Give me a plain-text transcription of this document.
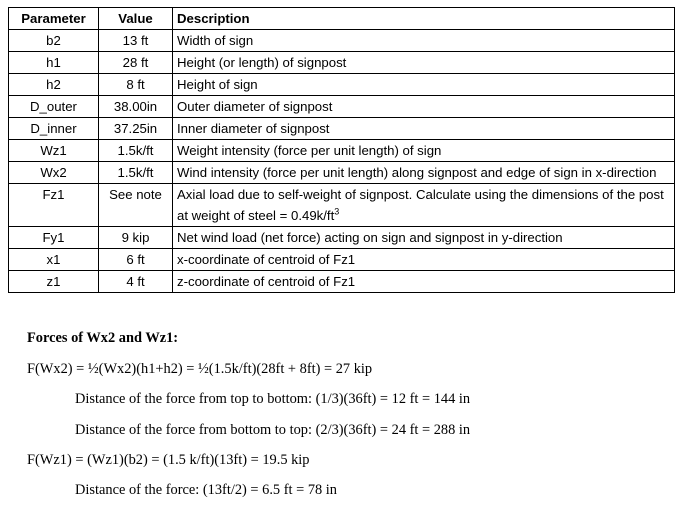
Parameter	Value	Description
b2	13 ft	Width of sign
h1	28 ft	Height (or length) of signpost
h2	8 ft	Height of sign
D_outer	38.00in	Outer diameter of signpost
D_inner	37.25in	Inner diameter of signpost
Wz1	1.5k/ft	Weight intensity (force per unit length) of sign
Wx2	1.5k/ft	Wind intensity (force per unit length) along signpost and edge of sign in x-direction
Fz1	See note	Axial load due to self-weight of signpost. Calculate using the dimensions of the post at weight of steel = $0.49k/ft^3$
Fy1	9 kip	Net wind load (net force) acting on sign and signpost in y-direction
x1	6 ft	x-coordinate of centroid of Fz1
z1	4 ft	z-coordinate of centroid of Fz1

Forces of Wx2 and Wz1:

F(Wx2) = ½(Wx2)(h1+h2) = ½(1.5k/ft)(28ft + 8ft) = 27 kip

Distance of the force from top to bottom: (1/3)(36ft) = 12 ft = 144 in

Distance of the force from bottom to top: (2/3)(36ft) = 24 ft = 288 in

F(Wz1) = (Wz1)(b2) = (1.5 k/ft)(13ft) = 19.5 kip

Distance of the force: (13ft/2) = 6.5 ft = 78 in
